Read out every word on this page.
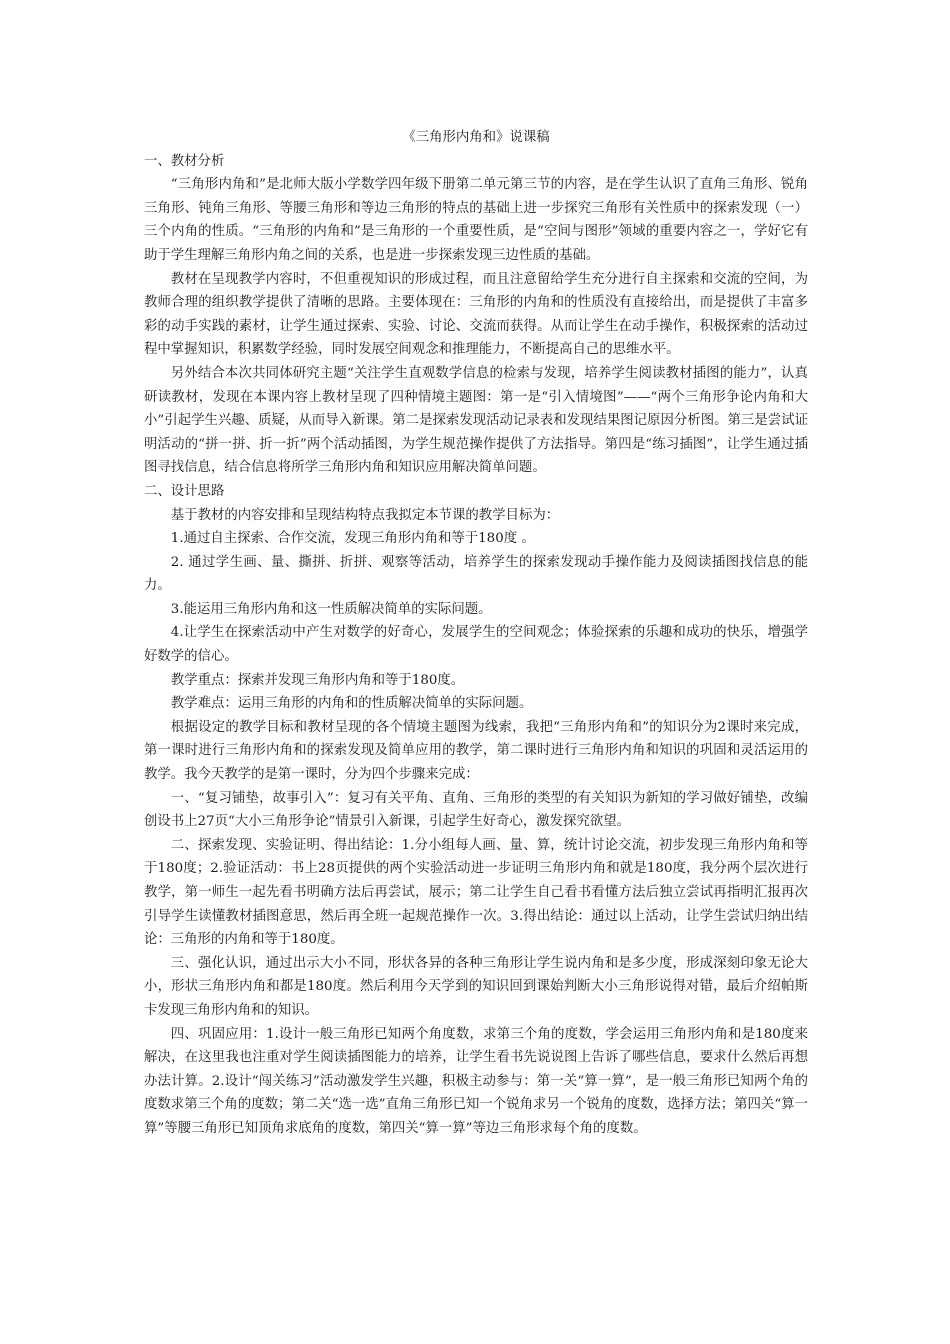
《三角形内角和》说课稿

一、教材分析

“三角形内角和”是北师大版小学数学四年级下册第二单元第三节的内容，是在学生认识了直角三角形、锐角三角形、钝角三角形、等腰三角形和等边三角形的特点的基础上进一步探究三角形有关性质中的探索发现（一）三个内角的性质。“三角形的内角和”是三角形的一个重要性质，是“空间与图形”领域的重要内容之一，学好它有助于学生理解三角形内角之间的关系，也是进一步探索发现三边性质的基础。

教材在呈现教学内容时，不但重视知识的形成过程，而且注意留给学生充分进行自主探索和交流的空间，为教师合理的组织教学提供了清晰的思路。主要体现在：三角形的内角和的性质没有直接给出，而是提供了丰富多彩的动手实践的素材，让学生通过探索、实验、讨论、交流而获得。从而让学生在动手操作，积极探索的活动过程中掌握知识，积累数学经验，同时发展空间观念和推理能力，不断提高自己的思维水平。

另外结合本次共同体研究主题“关注学生直观数学信息的检索与发现，培养学生阅读教材插图的能力”，认真研读教材，发现在本课内容上教材呈现了四种情境主题图：第一是“引入情境图”——“两个三角形争论内角和大小”引起学生兴趣、质疑，从而导入新课。第二是探索发现活动记录表和发现结果图记原因分析图。第三是尝试证明活动的“拼一拼、折一折”两个活动插图，为学生规范操作提供了方法指导。第四是“练习插图”，让学生通过插图寻找信息，结合信息将所学三角形内角和知识应用解决简单问题。

二、设计思路

基于教材的内容安排和呈现结构特点我拟定本节课的教学目标为：

1.通过自主探索、合作交流，发现三角形内角和等于180度 。

2. 通过学生画、量、撕拼、折拼、观察等活动，培养学生的探索发现动手操作能力及阅读插图找信息的能力。

3.能运用三角形内角和这一性质解决简单的实际问题。

4.让学生在探索活动中产生对数学的好奇心，发展学生的空间观念；体验探索的乐趣和成功的快乐，增强学好数学的信心。

教学重点：探索并发现三角形内角和等于180度。

教学难点：运用三角形的内角和的性质解决简单的实际问题。

根据设定的教学目标和教材呈现的各个情境主题图为线索，我把“三角形内角和”的知识分为2课时来完成，第一课时进行三角形内角和的探索发现及简单应用的教学，第二课时进行三角形内角和知识的巩固和灵活运用的教学。我今天教学的是第一课时，分为四个步骤来完成：

一、“复习铺垫，故事引入”：复习有关平角、直角、三角形的类型的有关知识为新知的学习做好铺垫，改编创设书上27页“大小三角形争论”情景引入新课，引起学生好奇心，激发探究欲望。

二、探索发现、实验证明、得出结论：1.分小组每人画、量、算，统计讨论交流，初步发现三角形内角和等于180度；2.验证活动：书上28页提供的两个实验活动进一步证明三角形内角和就是180度，我分两个层次进行教学，第一师生一起先看书明确方法后再尝试，展示；第二让学生自己看书看懂方法后独立尝试再指明汇报再次引导学生读懂教材插图意思，然后再全班一起规范操作一次。3.得出结论：通过以上活动，让学生尝试归纳出结论：三角形的内角和等于180度。

三、强化认识，通过出示大小不同，形状各异的各种三角形让学生说内角和是多少度，形成深刻印象无论大小，形状三角形内角和都是180度。然后利用今天学到的知识回到课始判断大小三角形说得对错，最后介绍帕斯卡发现三角形内角和的知识。

四、巩固应用：1.设计一般三角形已知两个角度数，求第三个角的度数，学会运用三角形内角和是180度来解决，在这里我也注重对学生阅读插图能力的培养，让学生看书先说说图上告诉了哪些信息，要求什么然后再想办法计算。2.设计“闯关练习”活动激发学生兴趣，积极主动参与：第一关“算一算”，是一般三角形已知两个角的度数求第三个角的度数；第二关“选一选”直角三角形已知一个锐角求另一个锐角的度数，选择方法；第四关“算一算”等腰三角形已知顶角求底角的度数，第四关“算一算”等边三角形求每个角的度数。
